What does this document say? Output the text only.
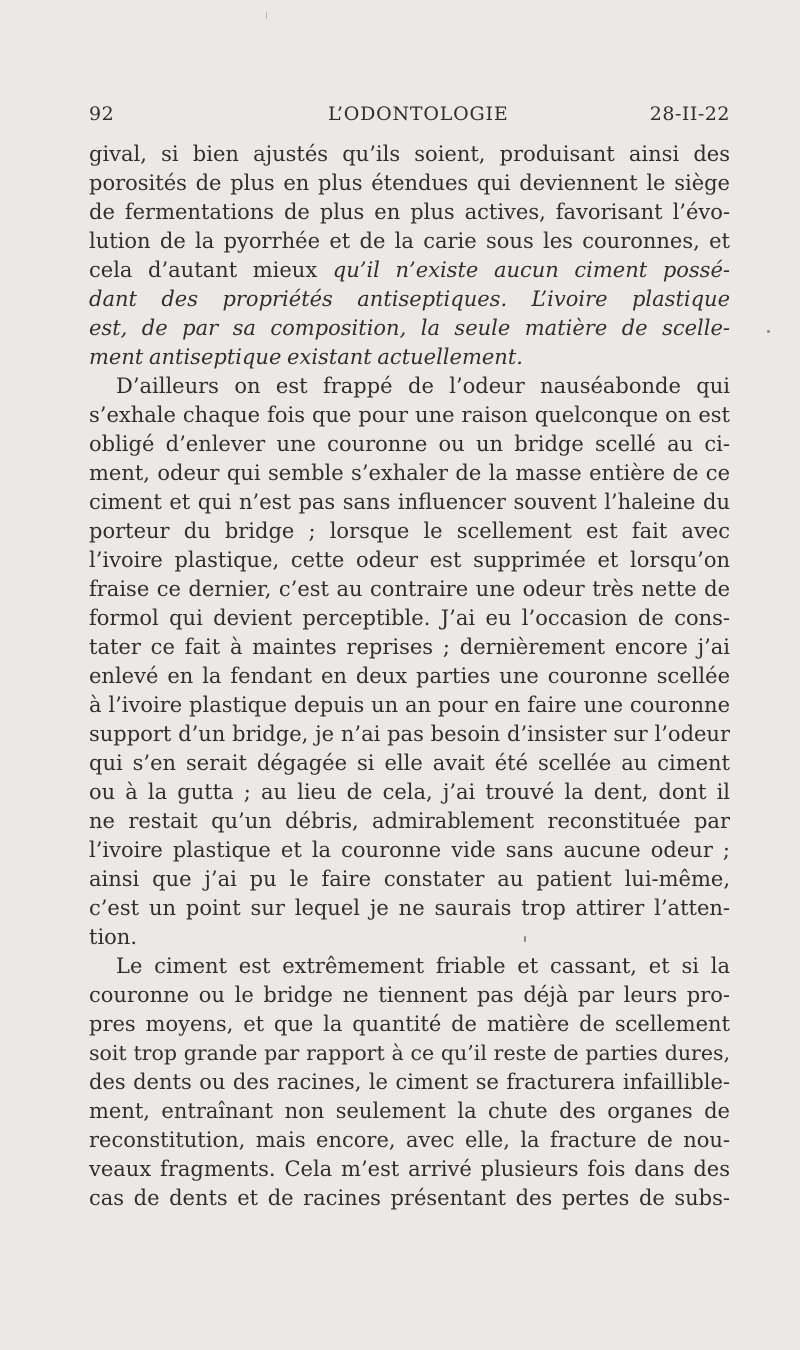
92	L’ODONTOLOGIE	28-II-22
gival, si bien ajustés qu’ils soient, produisant ainsi des
porosités de plus en plus étendues qui deviennent le siège
de fermentations de plus en plus actives, favorisant l’évo-
lution de la pyorrhée et de la carie sous les couronnes, et
cela d’autant mieux qu’il n’existe aucun ciment possé-
dant des propriétés antiseptiques. L’ivoire plastique
est, de par sa composition, la seule matière de scelle-
ment antiseptique existant actuellement.
D’ailleurs on est frappé de l’odeur nauséabonde qui
s’exhale chaque fois que pour une raison quelconque on est
obligé d’enlever une couronne ou un bridge scellé au ci-
ment, odeur qui semble s’exhaler de la masse entière de ce
ciment et qui n’est pas sans influencer souvent l’haleine du
porteur du bridge ; lorsque le scellement est fait avec
l’ivoire plastique, cette odeur est supprimée et lorsqu’on
fraise ce dernier, c’est au contraire une odeur très nette de
formol qui devient perceptible. J’ai eu l’occasion de cons-
tater ce fait à maintes reprises ; dernièrement encore j’ai
enlevé en la fendant en deux parties une couronne scellée
à l’ivoire plastique depuis un an pour en faire une couronne
support d’un bridge, je n’ai pas besoin d’insister sur l’odeur
qui s’en serait dégagée si elle avait été scellée au ciment
ou à la gutta ; au lieu de cela, j’ai trouvé la dent, dont il
ne restait qu’un débris, admirablement reconstituée par
l’ivoire plastique et la couronne vide sans aucune odeur ;
ainsi que j’ai pu le faire constater au patient lui-même,
c’est un point sur lequel je ne saurais trop attirer l’atten-
tion.
Le ciment est extrêmement friable et cassant, et si la
couronne ou le bridge ne tiennent pas déjà par leurs pro-
pres moyens, et que la quantité de matière de scellement
soit trop grande par rapport à ce qu’il reste de parties dures,
des dents ou des racines, le ciment se fracturera infaillible-
ment, entraînant non seulement la chute des organes de
reconstitution, mais encore, avec elle, la fracture de nou-
veaux fragments. Cela m’est arrivé plusieurs fois dans des
cas de dents et de racines présentant des pertes de subs-
